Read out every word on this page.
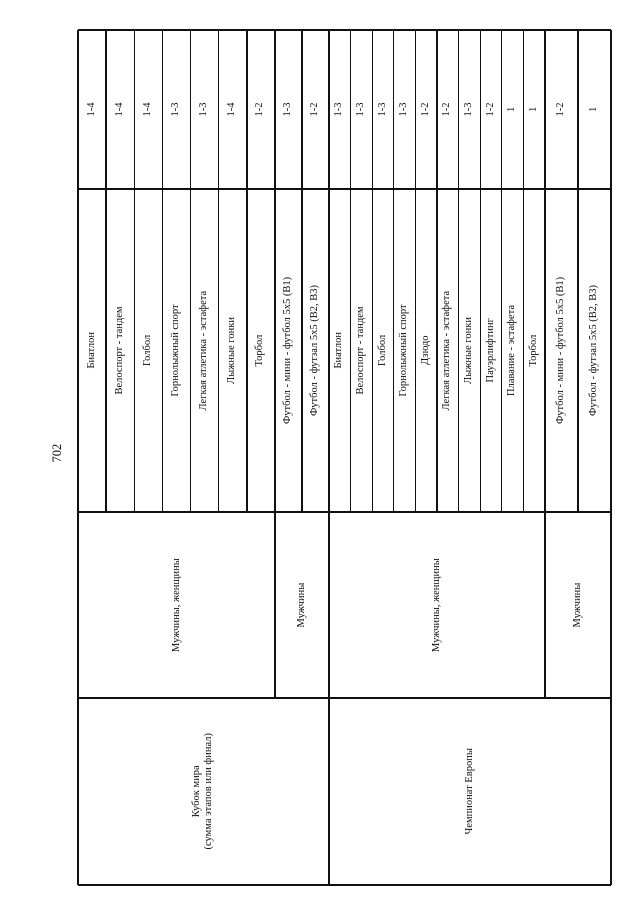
702
Кубок мира (сумма этапов или финал)
Мужчины, женщины
Биатлон
1-4
Велоспорт - тандем
1-4
Голбол
1-4
Горнолыжный спорт
1-3
Легкая атлетика - эстафета
1-3
Лыжные гонки
1-4
Торбол
1-2
Мужчины
Футбол - мини - футбол 5х5 (В1)
1-3
Футбол - футзал 5х5 (В2, В3)
1-2
Чемпионат Европы
Мужчины, женщины
Биатлон
1-3
Велоспорт - тандем
1-3
Голбол
1-3
Горнолыжный спорт
1-3
Дзюдо
1-2
Легкая атлетика - эстафета
1-2
Лыжные гонки
1-3
Пауэрлифтинг
1-2
Плавание - эстафета
1
Торбол
1
Мужчины
Футбол - мини - футбол 5х5 (В1)
1-2
Футбол - футзал 5х5 (В2, В3)
1
